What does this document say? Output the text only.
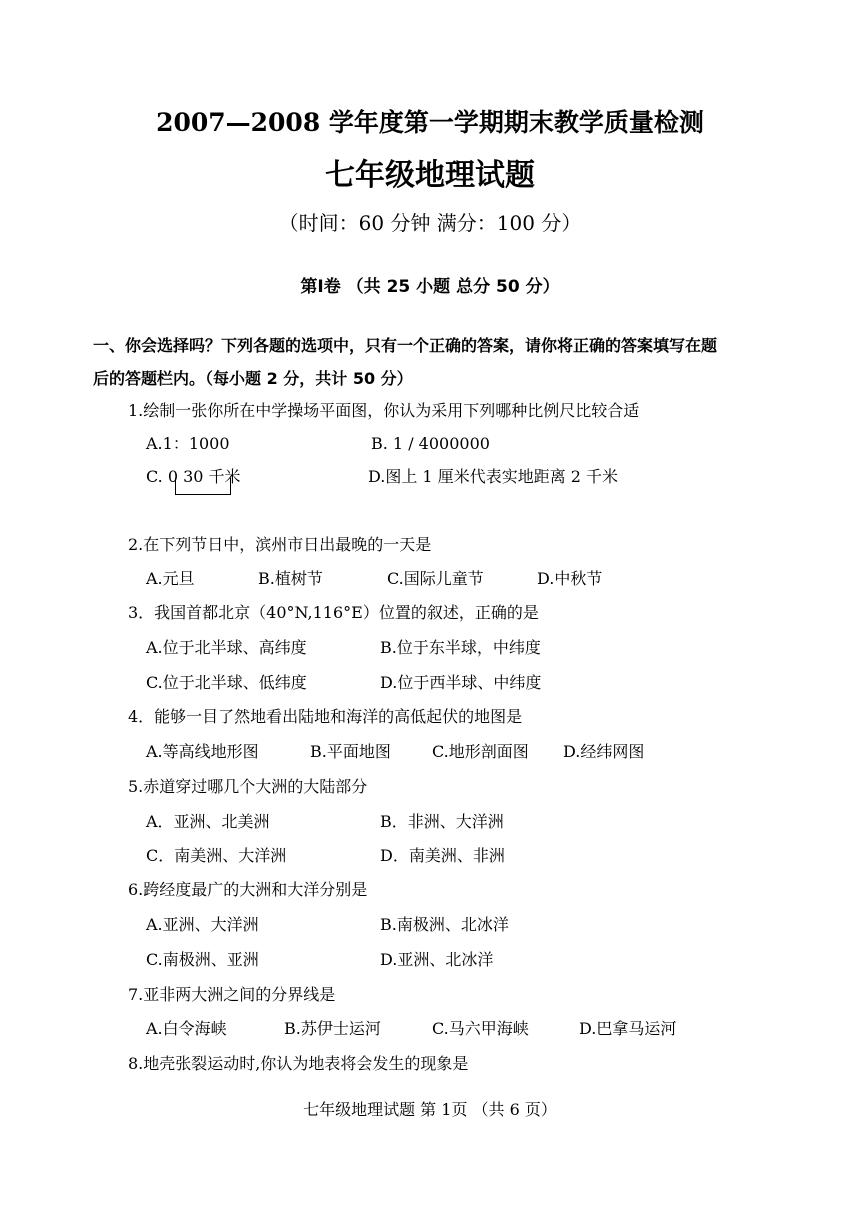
2007—2008 学年度第一学期期末教学质量检测
七年级地理试题
（时间：60 分钟 满分：100 分）
第Ⅰ卷 （共 25 小题 总分 50 分）
一、你会选择吗？下列各题的选项中，只有一个正确的答案，请你将正确的答案填写在题
后的答题栏内。（每小题 2 分，共计 50 分）
1.绘制一张你所在中学操场平面图，你认为采用下列哪种比例尺比较合适
A.1：1000	B. 1 / 4000000
C. 0 30 千米	D.图上 1 厘米代表实地距离 2 千米
2.在下列节日中，滨州市日出最晚的一天是
A.元旦	B.植树节	C.国际儿童节	D.中秋节
3．我国首都北京（40°N,116°E）位置的叙述，正确的是
A.位于北半球、高纬度	B.位于东半球，中纬度
C.位于北半球、低纬度	D.位于西半球、中纬度
4．能够一目了然地看出陆地和海洋的高低起伏的地图是
A.等高线地形图	B.平面地图	C.地形剖面图 D.经纬网图
5.赤道穿过哪几个大洲的大陆部分
A．亚洲、北美洲	B．非洲、大洋洲
C．南美洲、大洋洲	D．南美洲、非洲
6.跨经度最广的大洲和大洋分别是
A.亚洲、大洋洲	B.南极洲、北冰洋
C.南极洲、亚洲	D.亚洲、北冰洋
7.亚非两大洲之间的分界线是
A.白令海峡	B.苏伊士运河	C.马六甲海峡	D.巴拿马运河
8.地壳张裂运动时,你认为地表将会发生的现象是
七年级地理试题 第 1页 （共 6 页）
